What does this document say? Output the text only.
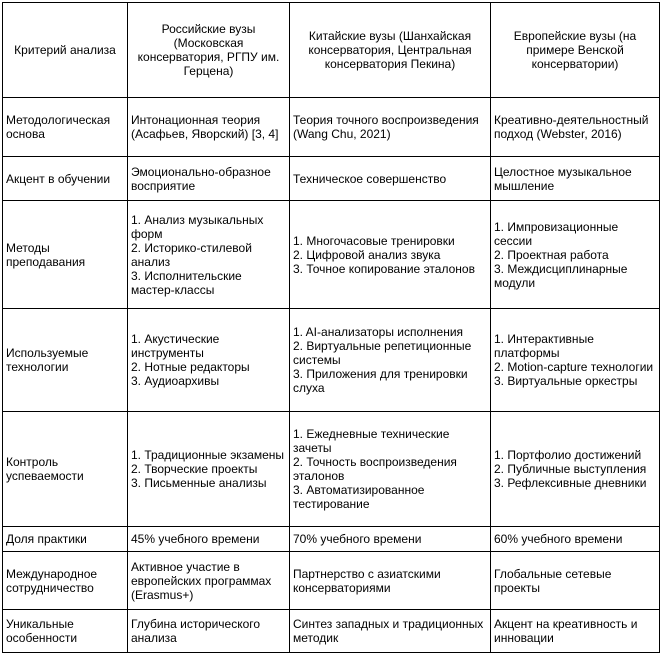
Критерий анализа	Российские вузы (Московская консерватория, РГПУ им. Герцена)	Китайские вузы (Шанхайская консерватория, Центральная консерватория Пекина)	Европейские вузы (на примере Венской консерватории)
Методологическая основа	Интонационная теория (Асафьев, Яворский) [3, 4]	Теория точного воспроизведения (Wang Chu, 2021)	Креативно-деятельностный подход (Webster, 2016)

Акцент в обучении	Эмоционально-образное восприятие	Техническое совершенство	Целостное музыкальное мышление

Методы преподавания	1. Анализ музыкальных форм
2. Историко-стилевой анализ
3. Исполнительские мастер-классы	1. Многочасовые тренировки
2. Цифровой анализ звука
3. Точное копирование эталонов	1. Импровизационные сессии
2. Проектная работа
3. Междисциплинарные модули

Используемые технологии	1. Акустические инструменты
2. Нотные редакторы
3. Аудиоархивы	1. AI-анализаторы исполнения
2. Виртуальные репетиционные системы
3. Приложения для тренировки слуха	1. Интерактивные платформы
2. Motion-capture технологии
3. Виртуальные оркестры

Контроль успеваемости	1. Традиционные экзамены
2. Творческие проекты
3. Письменные анализы	1. Ежедневные технические зачеты
2. Точность воспроизведения эталонов
3. Автоматизированное тестирование	1. Портфолио достижений
2. Публичные выступления
3. Рефлексивные дневники

Доля практики	45% учебного времени	70% учебного времени	60% учебного времени

Международное сотрудничество	Активное участие в европейских программах (Erasmus+)	Партнерство с азиатскими консерваториями	Глобальные сетевые проекты

Уникальные особенности	Глубина исторического анализа	Синтез западных и традиционных методик	Акцент на креативность и инновации
